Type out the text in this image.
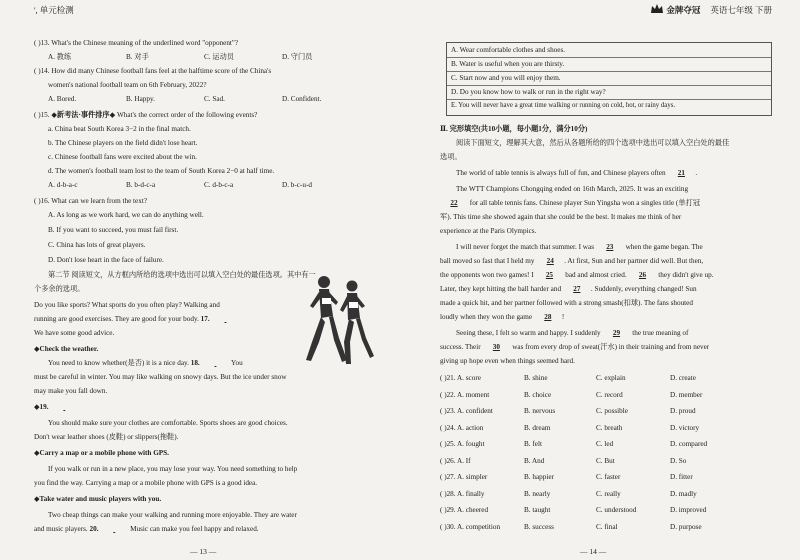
', 单元检测
( )13. What's the Chinese meaning of the underlined word "opponent"?
A. 教练	B. 对手	C. 运动员	D. 守门员
( )14. How did many Chinese football fans feel at the halftime score of the China's
women's national football team on 6th February, 2022?
A. Bored.	B. Happy.	C. Sad.	D. Confident.
( )15. ◆新考法·事件排序◆ What's the correct order of the following events?
a. China beat South Korea 3−2 in the final match.
b. The Chinese players on the field didn't lose heart.
c. Chinese football fans were excited about the win.
d. The women's football team lost to the team of South Korea 2−0 at half time.
A. d-b-a-c	B. b-d-c-a	C. d-b-c-a	D. b-c-u-d
( )16. What can we learn from the text?
A. As long as we work hard, we can do anything well.
B. If you want to succeed, you must fail first.
C. China has lots of great players.
D. Don't lose heart in the face of failure.
第二节 阅读短文，从方框内所给的选项中选出可以填入空白处的最佳选项。其中有一
个多余的选项。
Do you like sports? What sports do you often play? Walking and
running are good exercises. They are good for your body. 17.
We have some good advice.
◆Check the weather.
You need to know whether(是否) it is a nice day. 18.	You
must be careful in winter. You may like walking on snowy days. But the ice under snow
may make you fall down.
◆19.
You should make sure your clothes are comfortable. Sports shoes are good choices.
Don't wear leather shoes (皮鞋) or slippers(拖鞋).
◆Carry a map or a mobile phone with GPS.
If you walk or run in a new place, you may lose your way. You need something to help
you find the way. Carrying a map or a mobile phone with GPS is a good idea.
◆Take water and music players with you.
Two cheap things can make your walking and running more enjoyable. They are water
and music players. 20.	Music can make you feel happy and relaxed.
— 13 —
金牌夺冠 英语七年级 下册
A. Wear comfortable clothes and shoes.
B. Water is useful when you are thirsty.
C. Start now and you will enjoy them.
D. Do you know how to walk or run in the right way?
E. You will never have a great time walking or running on cold, hot, or rainy days.
Ⅱ. 完形填空(共10小题，每小题1分，满分10分)
阅读下面短文，理解其大意，然后从各题所给的四个选项中选出可以填入空白处的最佳
选项。
The world of table tennis is always full of fun, and Chinese players often 21 .
The WTT Champions Chongqing ended on 16th March, 2025. It was an exciting
22 for all table tennis fans. Chinese player Sun Yingsha won a singles title (单打冠
军). This time she showed again that she could be the best. It makes me think of her
experience at the Paris Olympics.
I will never forget the match that summer. I was 23 when the game began. The
ball moved so fast that I held my 24 . At first, Sun and her partner did well. But then,
the opponents won two games! I 25 bad and almost cried. 26 they didn't give up.
Later, they kept hitting the ball harder and 27 . Suddenly, everything changed! Sun
made a quick hit, and her partner followed with a strong smash(扣球). The fans shouted
loudly when they won the game 28 !
Seeing these, I felt so warm and happy. I suddenly 29 the true meaning of
success. Their 30 was from every drop of sweat(汗水) in their training and from never
giving up hope even when things seemed hard.
( )21. A. score	B. shine	C. explain	D. create
( )22. A. moment	B. choice	C. record	D. member
( )23. A. confident	B. nervous	C. possible	D. proud
( )24. A. action	B. dream	C. breath	D. victory
( )25. A. fought	B. felt	C. led	D. compared
( )26. A. If	B. And	C. But	D. So
( )27. A. simpler	B. happier	C. faster	D. fitter
( )28. A. finally	B. nearly	C. really	D. madly
( )29. A. cheered	B. taught	C. understood	D. improved
( )30. A. competition	B. success	C. final	D. purpose
— 14 —
